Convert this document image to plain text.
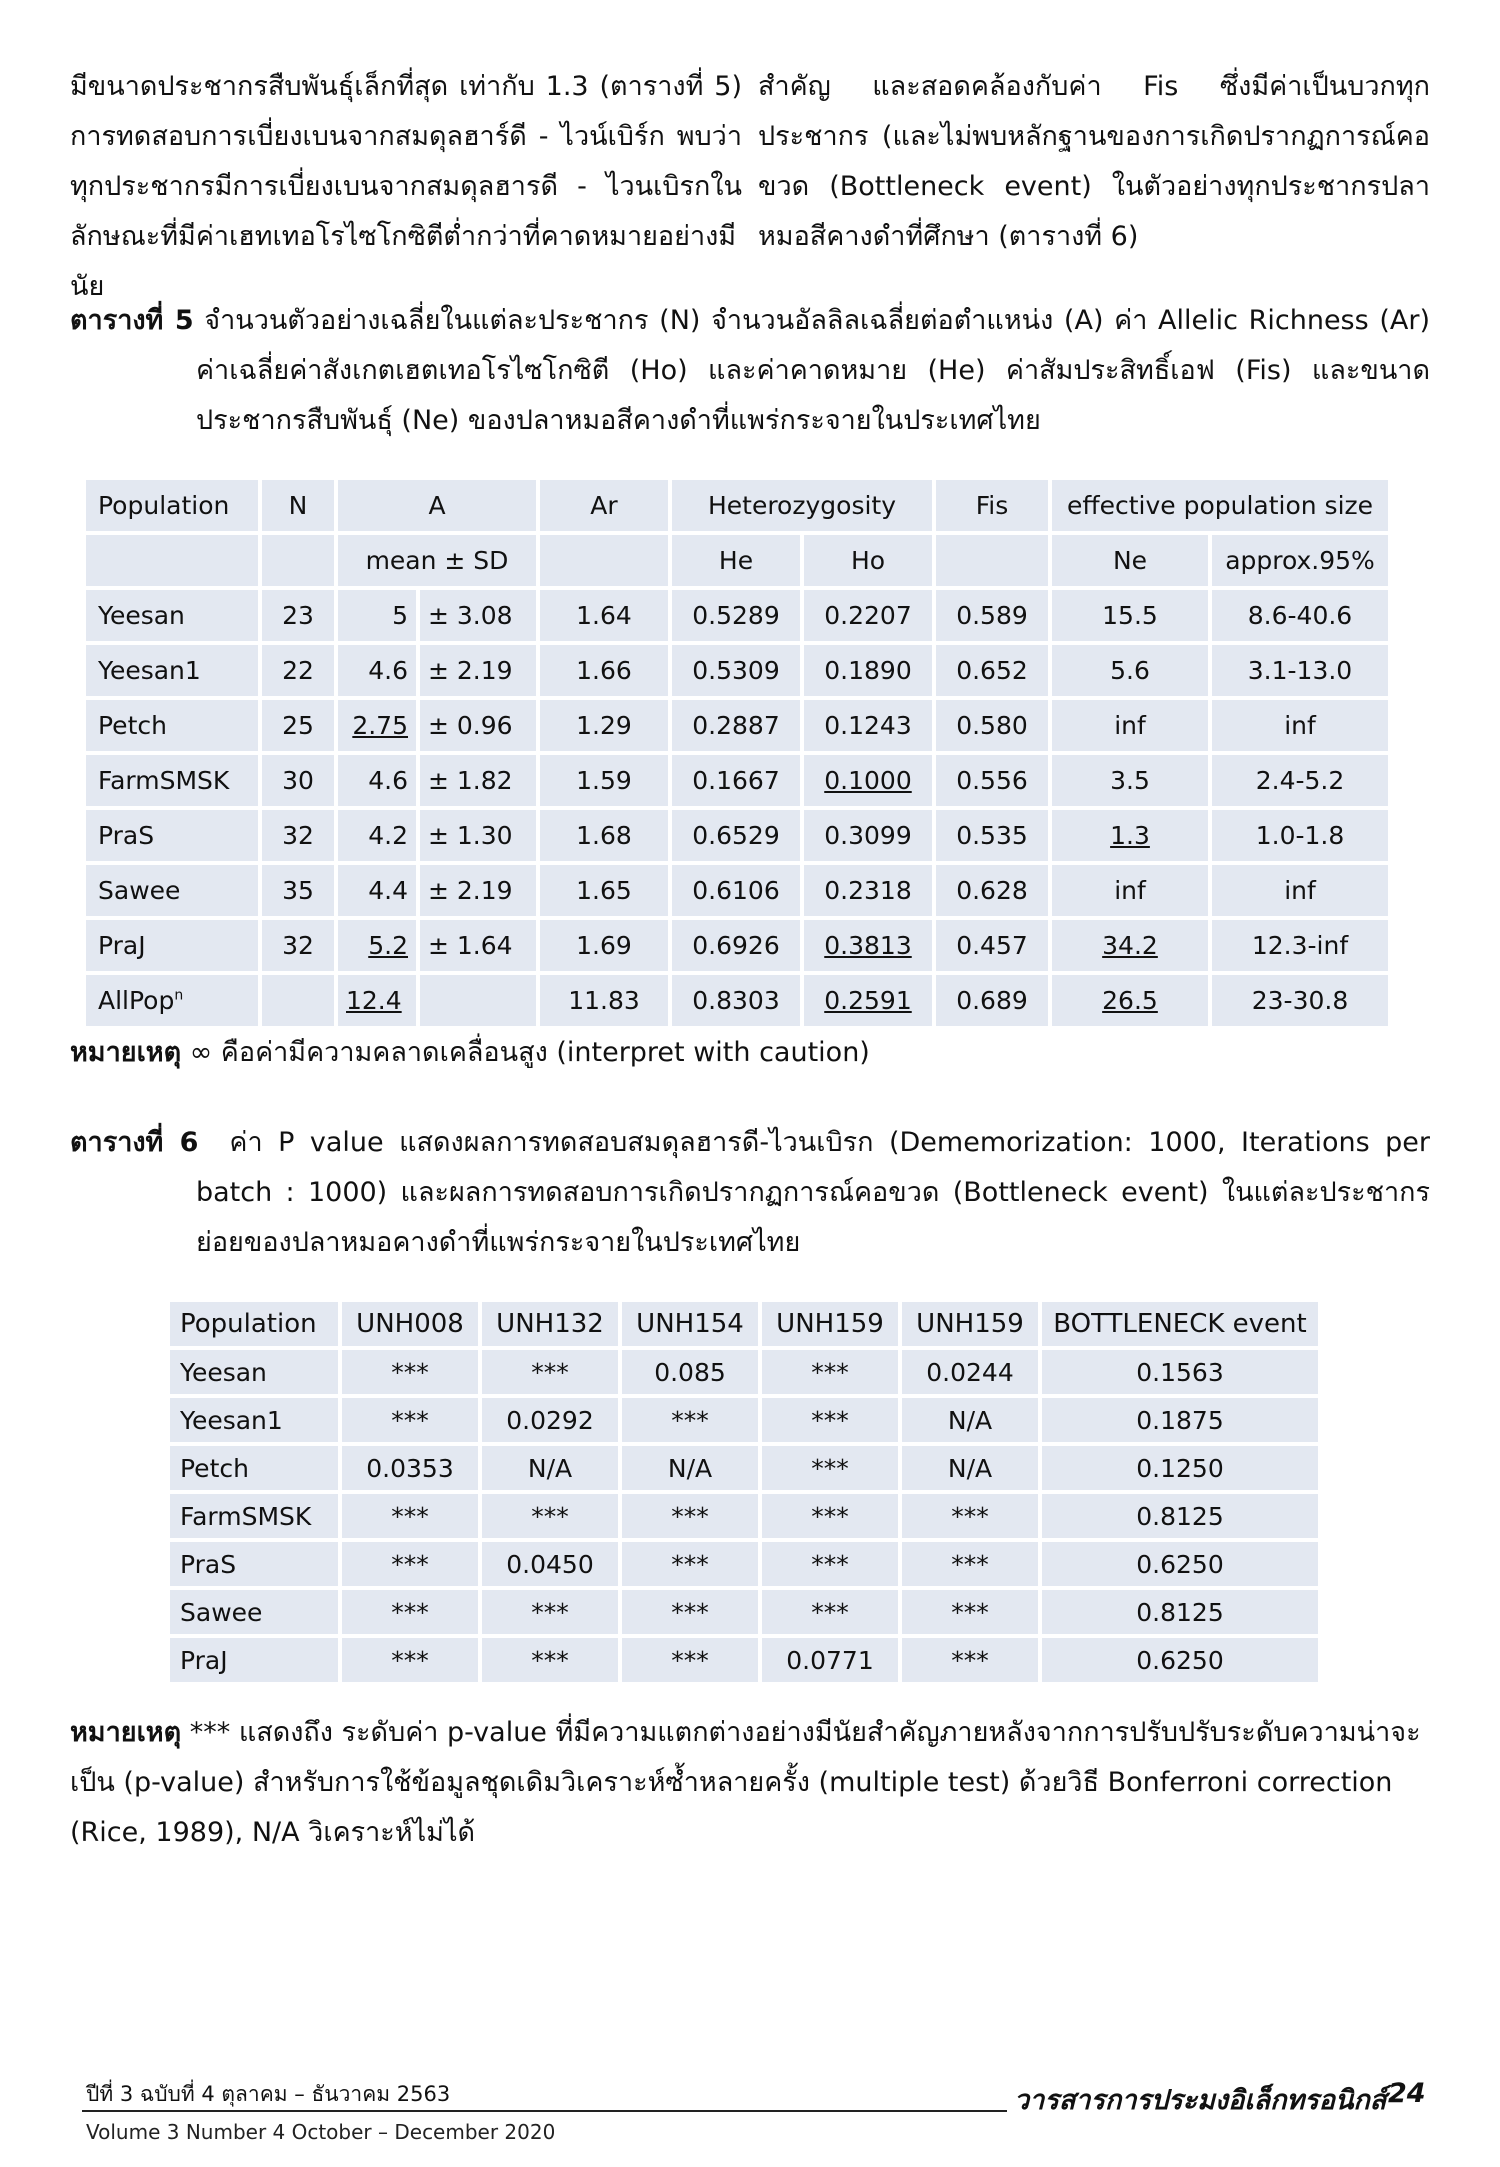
มีขนาดประชากรสืบพันธุ์เล็กที่สุด เท่ากับ 1.3 (ตารางที่ 5) การทดสอบการเบี่ยงเบนจากสมดุลฮาร์ดี - ไวน์เบิร์ก พบว่าทุกประชากรมีการเบี่ยงเบนจากสมดุลฮารดี - ไวนเบิรกในลักษณะที่มีค่าเฮทเทอโรไซโกซิตีต่ำกว่าที่คาดหมายอย่างมีนัย

สำคัญ และสอดคล้องกับค่า Fis ซึ่งมีค่าเป็นบวกทุกประชากร (และไม่พบหลักฐานของการเกิดปรากฏการณ์คอขวด (Bottleneck event) ในตัวอย่างทุกประชากรปลาหมอสีคางดำที่ศึกษา (ตารางที่ 6)

ตารางที่ 5 จำนวนตัวอย่างเฉลี่ยในแต่ละประชากร (N) จำนวนอัลลิลเฉลี่ยต่อตำแหน่ง (A) ค่า Allelic Richness (Ar) ค่าเฉลี่ยค่าสังเกตเฮตเทอโรไซโกซิตี (Ho) และค่าคาดหมาย (He) ค่าสัมประสิทธิ์เอฟ (Fis) และขนาดประชากรสืบพันธุ์ (Ne) ของปลาหมอสีคางดำที่แพร่กระจายในประเทศไทย
Population	N	A		Ar	Heterozygosity		Fis	effective population size	
		mean ± SD			He	Ho		Ne	approx.95%
Yeesan	23	5	± 3.08	1.64	0.5289	0.2207	0.589	15.5	8.6-40.6
Yeesan1	22	4.6	± 2.19	1.66	0.5309	0.1890	0.652	5.6	3.1-13.0
Petch	25	2.75	± 0.96	1.29	0.2887	0.1243	0.580	inf	inf
FarmSMSK	30	4.6	± 1.82	1.59	0.1667	0.1000	0.556	3.5	2.4-5.2
PraS	32	4.2	± 1.30	1.68	0.6529	0.3099	0.535	1.3	1.0-1.8
Sawee	35	4.4	± 2.19	1.65	0.6106	0.2318	0.628	inf	inf
PraJ	32	5.2	± 1.64	1.69	0.6926	0.3813	0.457	34.2	12.3-inf
AllPop$^n$		12.4		11.83	0.8303	0.2591	0.689	26.5	23-30.8
หมายเหตุ ∞ คือค่ามีความคลาดเคลื่อนสูง (interpret with caution)
ตารางที่ 6 ค่า P value แสดงผลการทดสอบสมดุลฮารดี-ไวนเบิรก (Dememorization: 1000, Iterations per batch : 1000) และผลการทดสอบการเกิดปรากฏการณ์คอขวด (Bottleneck event) ในแต่ละประชากรย่อยของปลาหมอคางดำที่แพร่กระจายในประเทศไทย
Population	UNH008	UNH132	UNH154	UNH159	UNH159	BOTTLENECK event
Yeesan	***	***	0.085	***	0.0244	0.1563
Yeesan1	***	0.0292	***	***	N/A	0.1875
Petch	0.0353	N/A	N/A	***	N/A	0.1250
FarmSMSK	***	***	***	***	***	0.8125
PraS	***	0.0450	***	***	***	0.6250
Sawee	***	***	***	***	***	0.8125
PraJ	***	***	***	0.0771	***	0.6250
หมายเหตุ *** แสดงถึง ระดับค่า p-value ที่มีความแตกต่างอย่างมีนัยสำคัญภายหลังจากการปรับปรับระดับความน่าจะเป็น (p-value) สำหรับการใช้ข้อมูลชุดเดิมวิเคราะห์ซ้ำหลายครั้ง (multiple test) ด้วยวิธี Bonferroni correction (Rice, 1989), N/A วิเคราะห์ไม่ได้
ปีที่ 3 ฉบับที่ 4 ตุลาคม – ธันวาคม 2563
Volume 3 Number 4 October – December 2020
วารสารการประมงอิเล็กทรอนิกส์ 24
